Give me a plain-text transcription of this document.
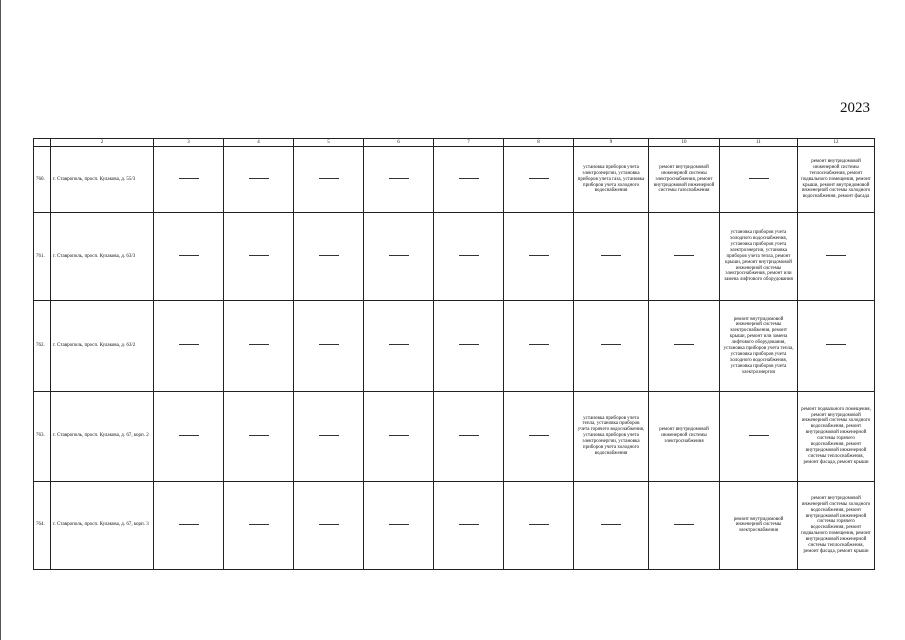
2023
	2	3	4	5	6	7	8	9	10	11	12
760.	г. Ставрополь, просп. Кулакова, д. 55/3							установка приборов учета электроэнергии, установка приборов учета газа, установка приборов учета холодного водоснабжения	ремонт внутридомовой инженерной системы электроснабжения, ремонт внутридомовой инженерной системы газоснабжения		ремонт внутридомовой инженерной системы теплоснабжения, ремонт подвального помещения, ремонт крыши, ремонт внутридомовой инженерной системы холодного водоснабжения, ремонт фасада
761.	г. Ставрополь, просп. Кулакова, д. 63/3									установка приборов учета холодного водоснабжения, установка приборов учета электроэнергии, установка приборов учета тепла, ремонт крыши, ремонт внутридомовой инженерной системы электроснабжения, ремонт или замена лифтового оборудования	
762.	г. Ставрополь, просп. Кулакова, д. 63/2									ремонт внутридомовой инженерной системы электроснабжения, ремонт крыши, ремонт или замена лифтового оборудования, установка приборов учета тепла, установка приборов учета холодного водоснабжения, установка приборов учета электроэнергии	
763.	г. Ставрополь, просп. Кулакова, д. 67, корп. 2							установка приборов учета тепла, установка приборов учета горячего водоснабжения, установка приборов учета электроэнергии, установка приборов учета холодного водоснабжения	ремонт внутридомовой инженерной системы электроснабжения		ремонт подвального помещения, ремонт внутридомовой инженерной системы холодного водоснабжения, ремонт внутридомовой инженерной системы горячего водоснабжения, ремонт внутридомовой инженерной системы теплоснабжения, ремонт фасада, ремонт крыши
764.	г. Ставрополь, просп. Кулакова, д. 67, корп. 3									ремонт внутридомовой инженерной системы электроснабжения	ремонт внутридомовой инженерной системы холодного водоснабжения, ремонт внутридомовой инженерной системы горячего водоснабжения, ремонт подвального помещения, ремонт внутридомовой инженерной системы теплоснабжения, ремонт фасада, ремонт крыши
